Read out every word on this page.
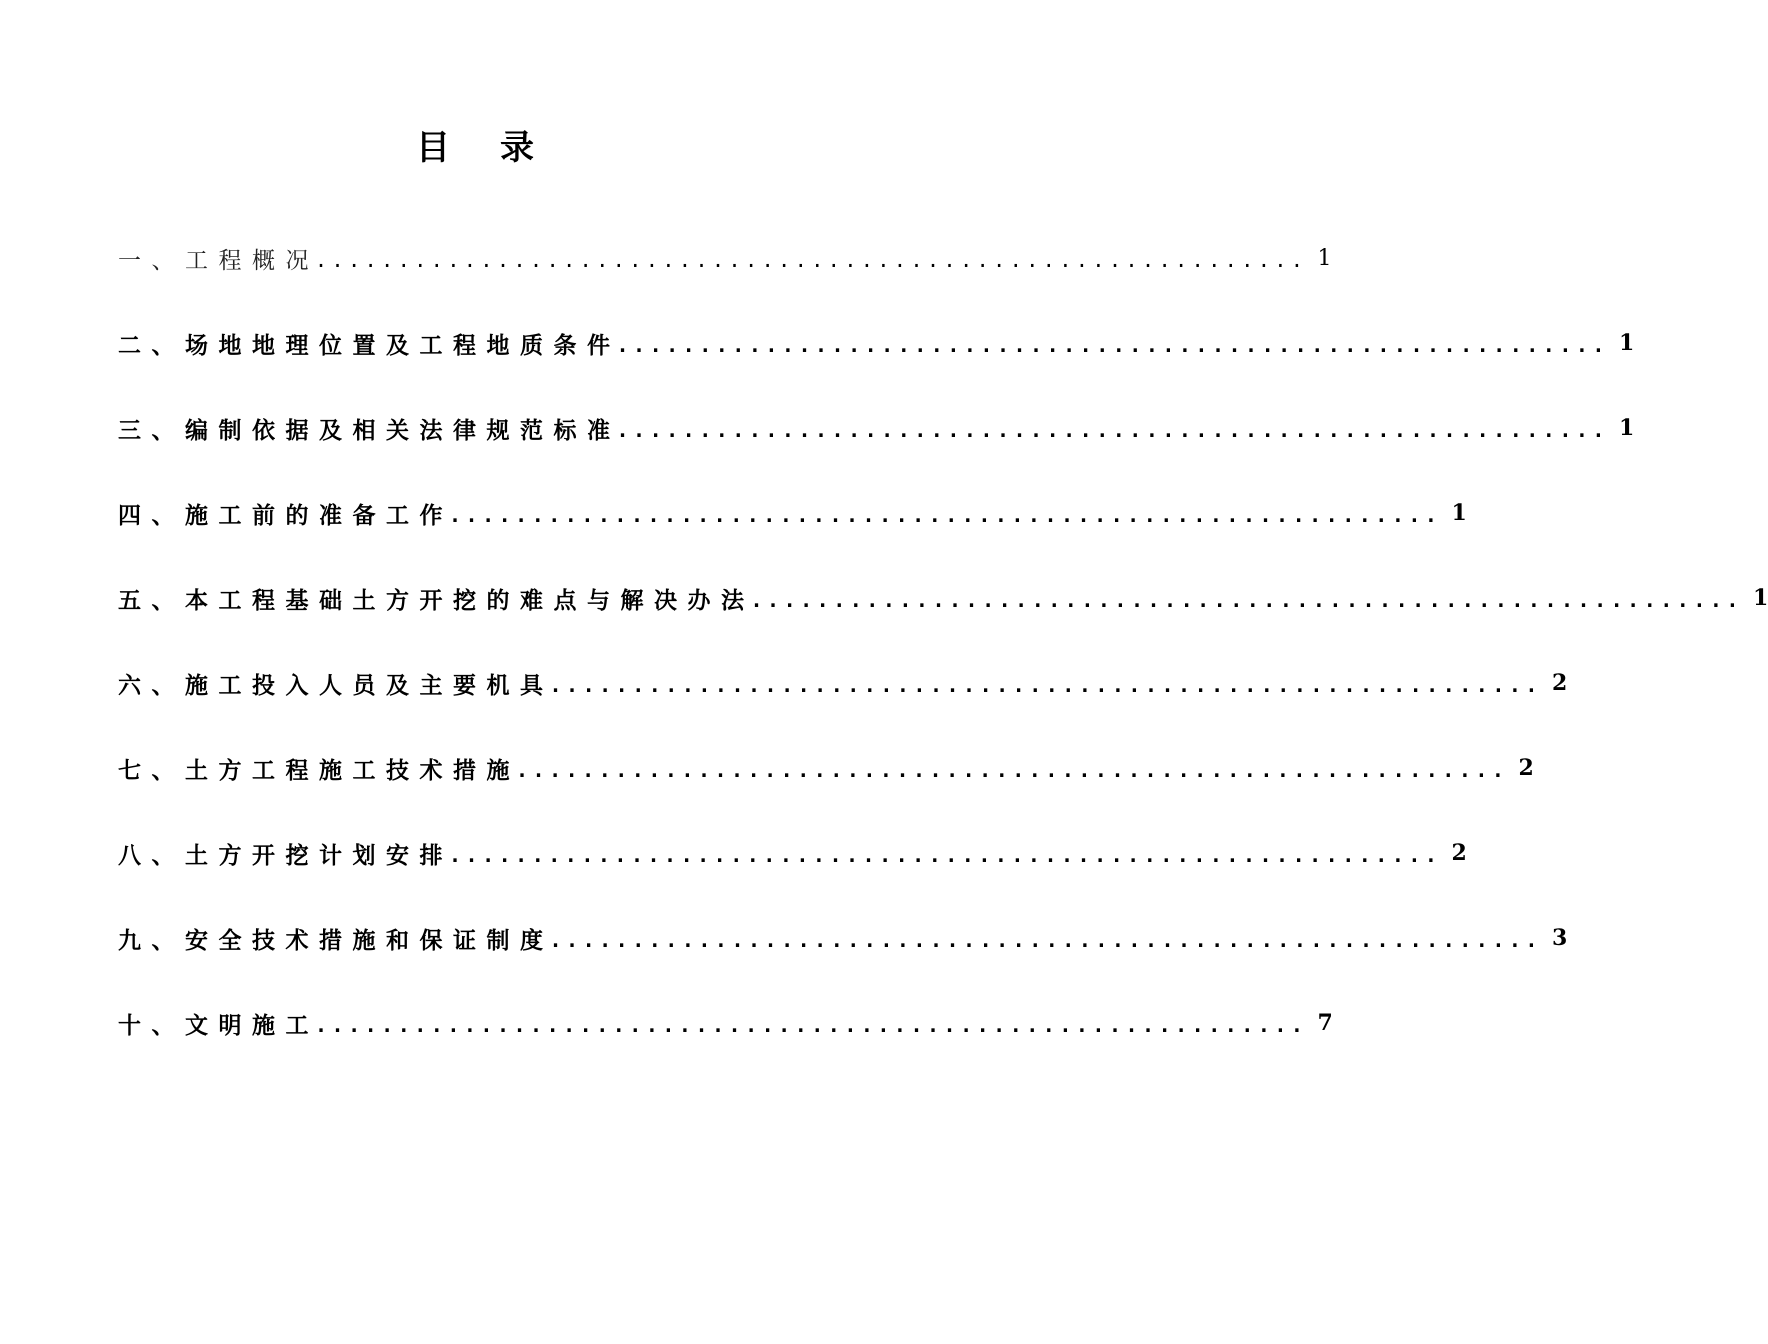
目 录
一、工程概况
............................................................ 1
二、场地地理位置及工程地质条件
............................................................ 1
三、编制依据及相关法律规范标准
............................................................ 1
四、施工前的准备工作
............................................................ 1
五、本工程基础土方开挖的难点与解决办法
............................................................ 1
六、施工投入人员及主要机具
............................................................ 2
七、土方工程施工技术措施
............................................................ 2
八、土方开挖计划安排
............................................................ 2
九、安全技术措施和保证制度
............................................................ 3
十、文明施工
............................................................ 7
